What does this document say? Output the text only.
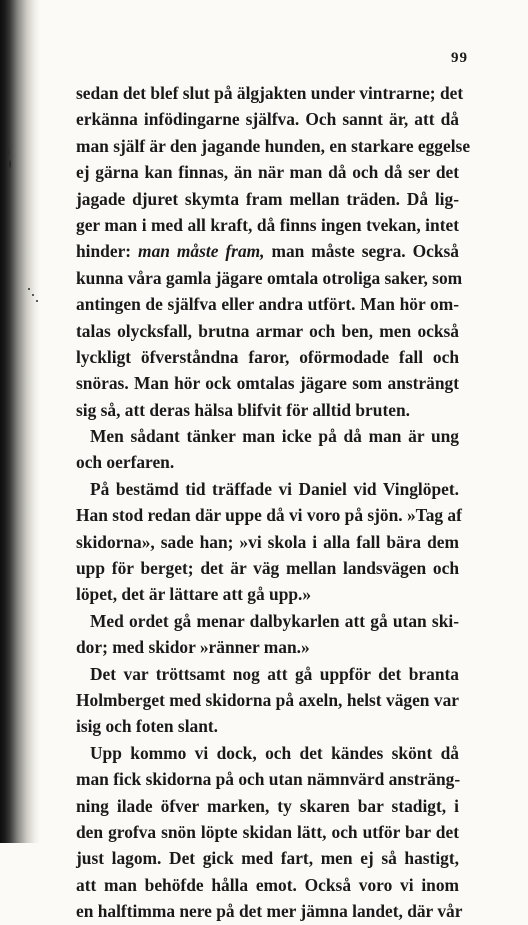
99
sedan det blef slut på älgjakten under vintrarne; det
erkänna infödingarne själfva. Och sannt är, att då
man själf är den jagande hunden, en starkare eggelse
ej gärna kan finnas, än när man då och då ser det
jagade djuret skymta fram mellan träden. Då lig-
ger man i med all kraft, då finns ingen tvekan, intet
hinder: man måste fram, man måste segra. Också
kunna våra gamla jägare omtala otroliga saker, som
antingen de själfva eller andra utfört. Man hör om-
talas olycksfall, brutna armar och ben, men också
lyckligt öfverståndna faror, oförmodade fall och
snöras. Man hör ock omtalas jägare som ansträngt
sig så, att deras hälsa blifvit för alltid bruten.
Men sådant tänker man icke på då man är ung
och oerfaren.
På bestämd tid träffade vi Daniel vid Vinglöpet.
Han stod redan där uppe då vi voro på sjön. »Tag af
skidorna», sade han; »vi skola i alla fall bära dem
upp för berget; det är väg mellan landsvägen och
löpet, det är lättare att gå upp.»
Med ordet gå menar dalbykarlen att gå utan ski-
dor; med skidor »ränner man.»
Det var tröttsamt nog att gå uppför det branta
Holmberget med skidorna på axeln, helst vägen var
isig och foten slant.
Upp kommo vi dock, och det kändes skönt då
man fick skidorna på och utan nämnvärd ansträng-
ning ilade öfver marken, ty skaren bar stadigt, i
den grofva snön löpte skidan lätt, och utför bar det
just lagom. Det gick med fart, men ej så hastigt,
att man behöfde hålla emot. Också voro vi inom
en halftimma nere på det mer jämna landet, där vår
